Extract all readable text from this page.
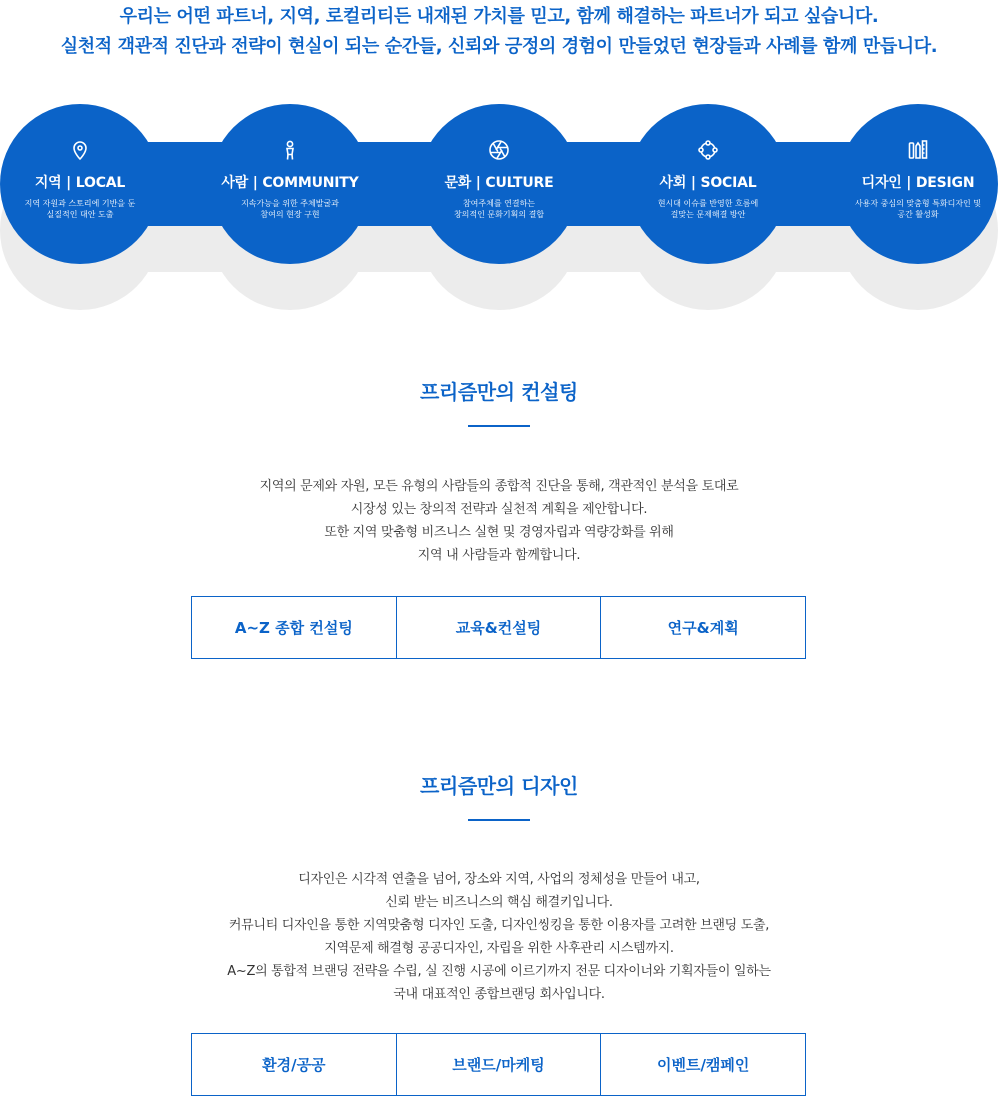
우리는 어떤 파트너, 지역, 로컬리티든 내재된 가치를 믿고, 함께 해결하는 파트너가 되고 싶습니다.
실천적 객관적 진단과 전략이 현실이 되는 순간들, 신뢰와 긍정의 경험이 만들었던 현장들과 사례를 함께 만듭니다.
지역 | LOCAL
지역 자원과 스토리에 기반을 둔
실질적인 대안 도출
사람 | COMMUNITY
지속가능을 위한 주체발굴과
참여의 현장 구현
문화 | CULTURE
참여주체를 연결하는
창의적인 문화기획의 결합
사회 | SOCIAL
현시대 이슈를 반영한 흐름에
걸맞는 문제해결 방안
디자인 | DESIGN
사용자 중심의 맞춤형 특화디자인 및
공간 활성화
프리즘만의 컨설팅
지역의 문제와 자원, 모든 유형의 사람들의 종합적 진단을 통해, 객관적인 분석을 토대로
시장성 있는 창의적 전략과 실천적 계획을 제안합니다.
또한 지역 맞춤형 비즈니스 실현 및 경영자립과 역량강화를 위해
지역 내 사람들과 함께합니다.
A~Z 종합 컨설팅	교육&컨설팅	연구&계획
프리즘만의 디자인
디자인은 시각적 연출을 넘어, 장소와 지역, 사업의 정체성을 만들어 내고,
신뢰 받는 비즈니스의 핵심 해결키입니다.
커뮤니티 디자인을 통한 지역맞춤형 디자인 도출, 디자인씽킹을 통한 이용자를 고려한 브랜딩 도출,
지역문제 해결형 공공디자인, 자립을 위한 사후관리 시스템까지.
A~Z의 통합적 브랜딩 전략을 수립, 실 진행 시공에 이르기까지 전문 디자이너와 기획자들이 일하는
국내 대표적인 종합브랜딩 회사입니다.
환경/공공	브랜드/마케팅	이벤트/캠페인
